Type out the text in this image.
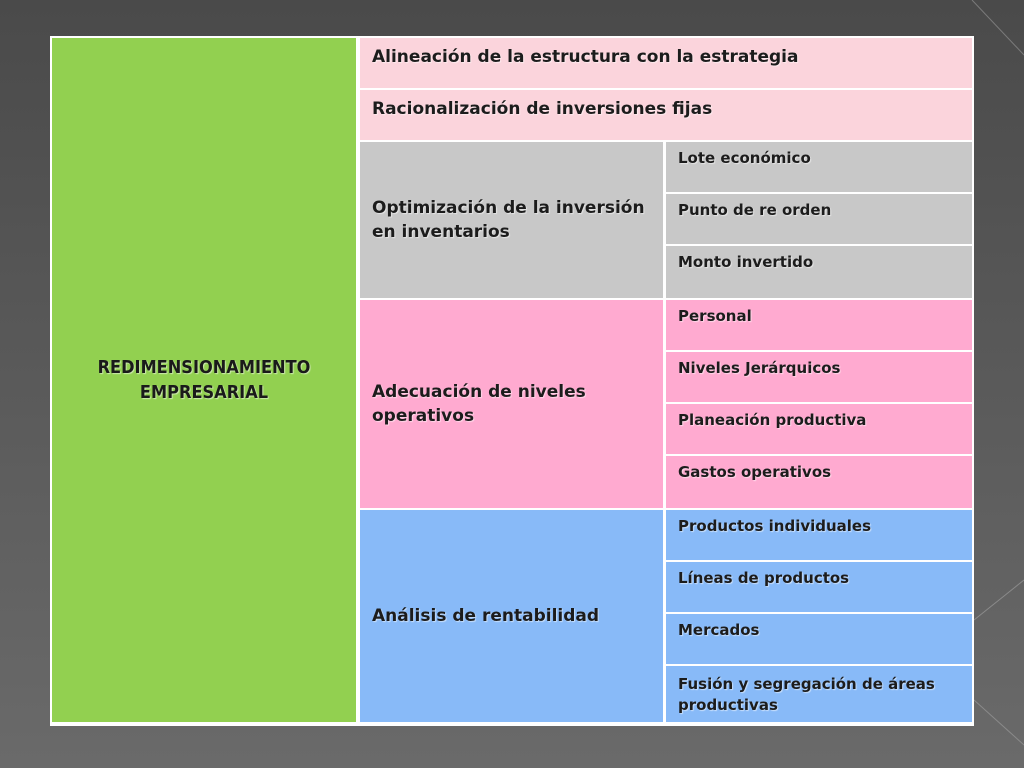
REDIMENSIONAMIENTO
EMPRESARIAL
Alineación de la estructura con la estrategia
Racionalización de inversiones fijas
Optimización de la inversión en inventarios
Adecuación de niveles operativos
Análisis de rentabilidad
Lote económico
Punto de re orden
Monto invertido
Personal
Niveles Jerárquicos
Planeación productiva
Gastos operativos
Productos individuales
Líneas de productos
Mercados
Fusión y segregación de áreas productivas
